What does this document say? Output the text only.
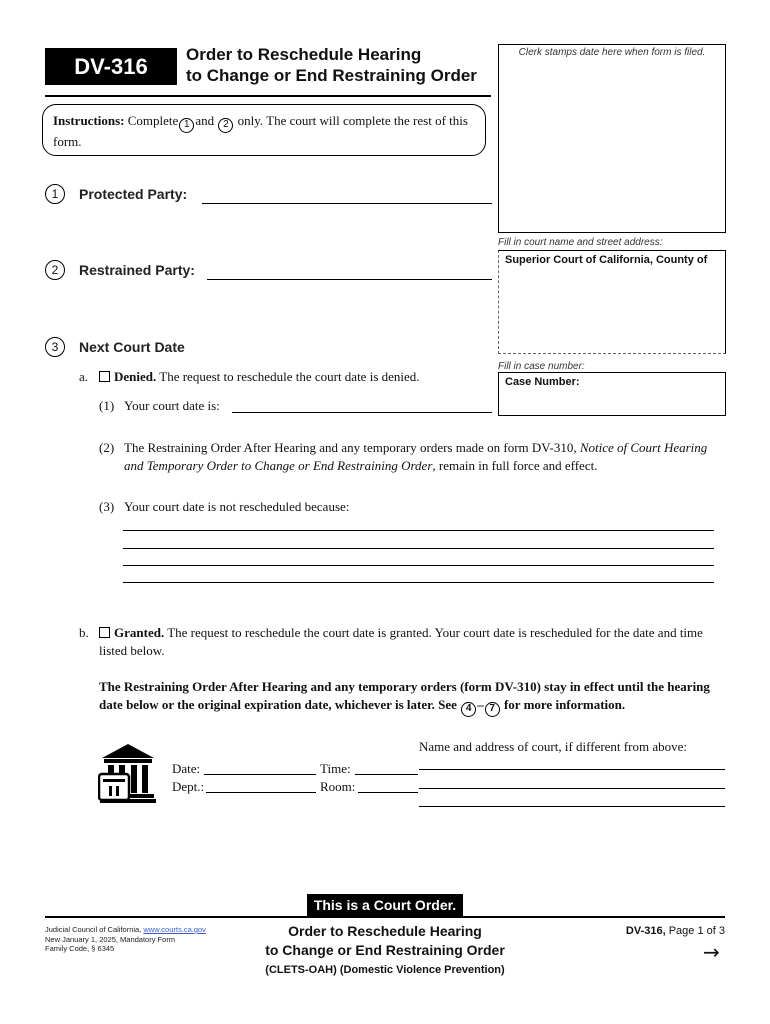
DV-316	Order to Reschedule Hearing
to Change or End Restraining Order
Clerk stamps date here when form is filed.
Instructions: Complete 1 and 2 only. The court will complete the rest of this form.
1	Protected Party:
2	Restrained Party:
Fill in court name and street address:
Superior Court of California, County of
Fill in case number:
Case Number:
3	Next Court Date
a.	Denied. The request to reschedule the court date is denied.
(1) Your court date is:
(2) The Restraining Order After Hearing and any temporary orders made on form DV-310, Notice of Court Hearing and Temporary Order to Change or End Restraining Order, remain in full force and effect.
(3) Your court date is not rescheduled because:
b.	Granted. The request to reschedule the court date is granted. Your court date is rescheduled for the date and time listed below.
The Restraining Order After Hearing and any temporary orders (form DV-310) stay in effect until the hearing date below or the original expiration date, whichever is later. See 4 – 7 for more information.
Name and address of court, if different from above:
Date:	Time:
Dept.:	Room:
This is a Court Order.
Judicial Council of California, www.courts.ca.gov
New January 1, 2025, Mandatory Form
Family Code, § 6345
Order to Reschedule Hearing
to Change or End Restraining Order
(CLETS-OAH) (Domestic Violence Prevention)
DV-316, Page 1 of 3
→
